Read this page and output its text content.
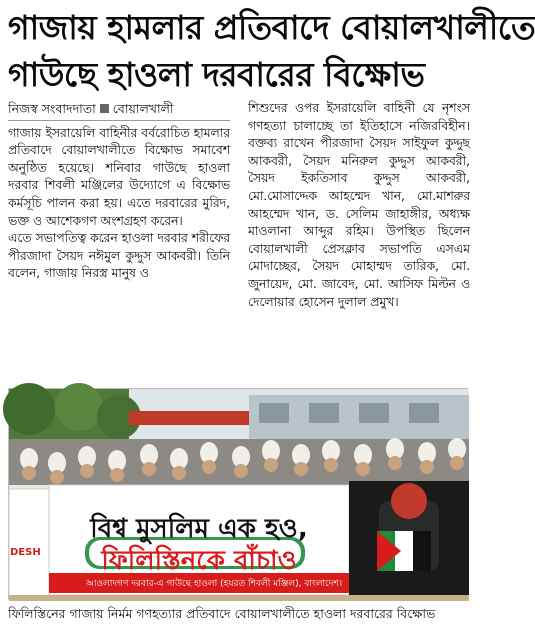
গাজায় হামলার প্রতিবাদে বোয়ালখালীতে
গাউছে হাওলা দরবারের বিক্ষোভ
নিজস্ব সংবাদদাতা বোয়ালখালী

গাজায় ইসরায়েলি বাহিনীর বর্বরোচিত হামলার প্রতিবাদে বোয়ালখালীতে বিক্ষোভ সমাবেশ অনুষ্ঠিত হয়েছে। শনিবার গাউছে হাওলা দরবার শিবলী মঞ্জিলের উদ্যোগে এ বিক্ষোভ কর্মসূচি পালন করা হয়। এতে দরবারের মুরিদ, ভক্ত ও আশেকগণ অংশগ্রহণ করেন।

এতে সভাপতিত্ব করেন হাওলা দরবার শরীফের পীরজাদা সৈয়দ নঈমুল কুদ্দুস আকবরী। তিনি বলেন, গাজায় নিরস্ত্র মানুষ ও

শিশুদের ওপর ইসরায়েলি বাহিনী যে নৃশংস গণহত্যা চালাচ্ছে তা ইতিহাসে নজিরবিহীন। বক্তব্য রাখেন পীরজাদা সৈয়দ সাইফুল কুদ্দুছ আকবরী, সৈয়দ মনিরুল কুদ্দুস আকবরী, সৈয়দ ইকতিসাব কুদ্দুস আকবরী, মো.মোসাদ্দেক আহম্মেদ খান, মো.মাশরুর আহম্মেদ খান, ড. সেলিম জাহাঙ্গীর, অধ্যক্ষ মাওলানা আব্দুর রহিম। উপস্থিত ছিলেন বোয়ালখালী প্রেসক্লাব সভাপতি এসএম মোদাচ্ছের, সৈয়দ মোহাম্মদ তারিক, মো. জুনায়েদ, মো. জাবেদ, মো. আসিফ মিল্টন ও দেলোয়ার হোসেন দুলাল প্রমুখ।

বিশ্ব মুসলিম এক হও,
ফিলিস্তিনকে বাঁচাও
আওলাদগণ দরবার-এ গাউছে হাওলা (হযরত শিবলী মঞ্জিল), বাংলাদেশ।
DESH
ফিলিস্তিনের গাজায় নির্মম গণহত্যার প্রতিবাদে বোয়ালখালীতে হাওলা দরবারের বিক্ষোভ
